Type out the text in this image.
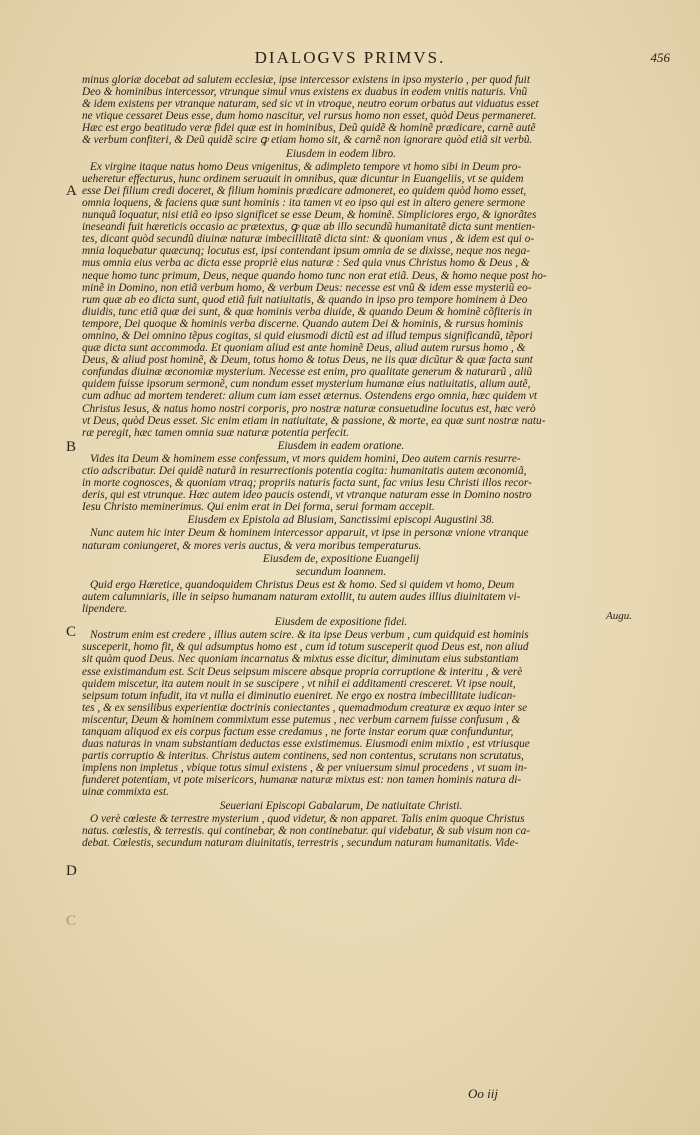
DIALOGVS PRIMVS.	456
minus gloriæ docebat ad salutem ecclesiæ, ipse intercessor existens in ipso mysterio , per quod fuit
Deo & hominibus intercessor, vtrunque simul vnus existens ex duabus in eodem vnitis naturis. Vnũ
& idem existens per vtranque naturam, sed sic vt in vtroque, neutro eorum orbatus aut viduatus esset
ne vtique cessaret Deus esse, dum homo nascitur, vel rursus homo non esset, quòd Deus permaneret.
Hæc est ergo beatitudo veræ fidei quæ est in hominibus, Deũ quidẽ & hominẽ prædicare, carnẽ autẽ
& verbum confiteri, & Deũ quidẽ scire ꝙ etiam homo sit, & carnẽ non ignorare quòd etiã sit verbũ.
Eiusdem in eodem libro.
Ex virgine itaque natus homo Deus vnigenitus, & adimpleto tempore vt homo sibi in Deum pro-
ueheretur effecturus, hunc ordinem seruauit in omnibus, quæ dicuntur in Euangeliis, vt se quidem
esse Dei filium credi doceret, & filium hominis prædicare admoneret, eo quidem quòd homo esset,
omnia loquens, & faciens quæ sunt hominis : ita tamen vt eo ipso qui est in altero genere sermone
nunquã loquatur, nisi etiã eo ipso significet se esse Deum, & hominẽ. Simpliciores ergo, & ignorãtes
ineseandi fuit hæreticis occasio ac prætextus, ꝙ quæ ab illo secundũ humanitatẽ dicta sunt mentien-
tes, dicant quòd secundũ diuinæ naturæ imbecillitatẽ dicta sint: & quoniam vnus , & idem est qui o-
mnia loquebatur quæcunq; locutus est, ipsi contendant ipsum omnia de se dixisse, neque nos nega-
mus omnia eius verba ac dicta esse propriè eius naturæ : Sed quia vnus Christus homo & Deus , &
neque homo tunc primum, Deus, neque quando homo tunc non erat etiã. Deus, & homo neque post ho-
minẽ in Domino, non etiã verbum homo, & verbum Deus: necesse est vnũ & idem esse mysteriũ eo-
rum quæ ab eo dicta sunt, quod etiã fuit natiuitatis, & quando in ipso pro tempore hominem à Deo
diuidis, tunc etiã quæ dei sunt, & quæ hominis verba diuide, & quando Deum & hominẽ cõfiteris in
tempore, Dei quoque & hominis verba discerne. Quando autem Dei & hominis, & rursus hominis
omnino, & Dei omnino tẽpus cogitas, si quid eiusmodi dictũ est ad illud tempus significandũ, tẽpori
quæ dicta sunt accommoda. Et quoniam aliud est ante hominẽ Deus, aliud autem rursus homo , &
Deus, & aliud post hominẽ, & Deum, totus homo & totus Deus, ne iis quæ dicũtur & quæ facta sunt
confundas diuinæ œconomiæ mysterium. Necesse est enim, pro qualitate generum & naturarũ , aliũ
quidem fuisse ipsorum sermonẽ, cum nondum esset mysterium humanæ eius natiuitatis, alium autẽ,
cum adhuc ad mortem tenderet: alium cum iam esset æternus. Ostendens ergo omnia, hæc quidem vt
Christus Iesus, & natus homo nostri corporis, pro nostræ naturæ consuetudine locutus est, hæc verò
vt Deus, quòd Deus esset. Sic enim etiam in natiuitate, & passione, & morte, ea quæ sunt nostræ natu-
ræ peregit, hæc tamen omnia suæ naturæ potentia perfecit.
Eiusdem in eadem oratione.
Vides ita Deum & hominem esse confessum, vt mors quidem homini, Deo autem carnis resurre-
ctio adscribatur. Dei quidẽ naturã in resurrectionis potentia cogita: humanitatis autem œconomiã,
in morte cognosces, & quoniam vtraq; propriis naturis facta sunt, fac vnius Iesu Christi illos recor-
deris, qui est vtrunque. Hæc autem ideo paucis ostendi, vt vtranque naturam esse in Domino nostro
Iesu Christo meminerimus. Qui enim erat in Dei forma, serui formam accepit.
Eiusdem ex Epistola ad Blusiam, Sanctissimi episcopi Augustini 38.
Nunc autem hic inter Deum & hominem intercessor apparuit, vt ipse in personæ vnione vtranque
naturam coniungeret, & mores veris auctus, & vera moribus temperaturus.
Eiusdem de, expositione Euangelij
secundum Ioannem.
Quid ergo Hæretice, quandoquidem Christus Deus est & homo. Sed si quidem vt homo, Deum
autem calumniaris, ille in seipso humanam naturam extollit, tu autem audes illius diuinitatem vi-
lipendere.
Eiusdem de expositione fidei.
Nostrum enim est credere , illius autem scire. & ita ipse Deus verbum , cum quidquid est hominis
susceperit, homo fit, & qui adsumptus homo est , cum id totum susceperit quod Deus est, non aliud
sit quàm quod Deus. Nec quoniam incarnatus & mixtus esse dicitur, diminutam eius substantiam
esse existimandum est. Scit Deus seipsum miscere absque propria corruptione & interitu , & verè
quidem miscetur, ita autem nouit in se suscipere , vt nihil ei additamenti cresceret. Vt ipse nouit,
seipsum totum infudit, ita vt nulla ei diminutio eueniret. Ne ergo ex nostra imbecillitate iudican-
tes , & ex sensilibus experientiæ doctrinis coniectantes , quemadmodum creaturæ ex æquo inter se
miscentur, Deum & hominem commixtum esse putemus , nec verbum carnem fuisse confusum , &
tanquam aliquod ex eis corpus factum esse credamus , ne forte instar eorum quæ confunduntur,
duas naturas in vnam substantiam deductas esse existimemus. Eiusmodi enim mixtio , est vtriusque
partis corruptio & interitus. Christus autem continens, sed non contentus, scrutans non scrutatus,
implens non impletus , vbique totus simul existens , & per vniuersum simul procedens , vt suam in-
funderet potentiam, vt pote misericors, humanæ naturæ mixtus est: non tamen hominis natura di-
uinæ commixta est.
Seueriani Episcopi Gabalarum, De natiuitate Christi.
O verè cœleste & terrestre mysterium , quod videtur, & non apparet. Talis enim quoque Christus
natus. cœlestis, & terrestis. qui continebar, & non continebatur. qui videbatur, & sub visum non ca-
debat. Cœlestis, secundum naturam diuinitatis, terrestris , secundum naturam humanitatis. Vide-
A
B
C
D
C
Augu.
Oo iij
